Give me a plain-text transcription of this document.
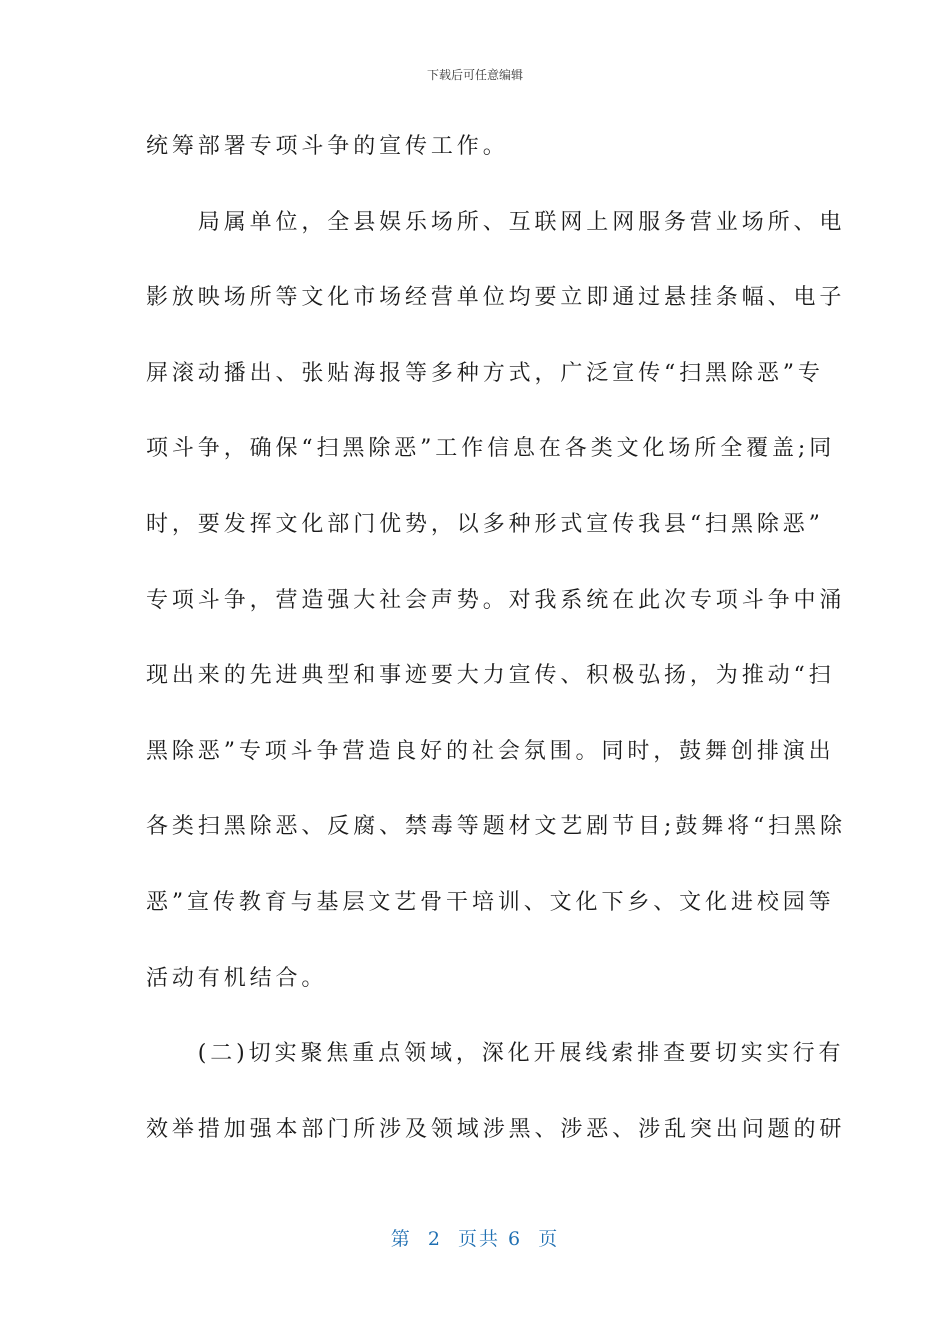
下载后可任意编辑
统筹部署专项斗争的宣传工作。
　　局属单位，全县娱乐场所、互联网上网服务营业场所、电
影放映场所等文化市场经营单位均要立即通过悬挂条幅、电子
屏滚动播出、张贴海报等多种方式，广泛宣传“扫黑除恶”专
项斗争，确保“扫黑除恶”工作信息在各类文化场所全覆盖;同
时，要发挥文化部门优势，以多种形式宣传我县“扫黑除恶”
专项斗争，营造强大社会声势。对我系统在此次专项斗争中涌
现出来的先进典型和事迹要大力宣传、积极弘扬，为推动“扫
黑除恶”专项斗争营造良好的社会氛围。同时，鼓舞创排演出
各类扫黑除恶、反腐、禁毒等题材文艺剧节目;鼓舞将“扫黑除
恶”宣传教育与基层文艺骨干培训、文化下乡、文化进校园等
活动有机结合。
　　(二)切实聚焦重点领域，深化开展线索排查要切实实行有
效举措加强本部门所涉及领域涉黑、涉恶、涉乱突出问题的研
第  2  页共 6  页
